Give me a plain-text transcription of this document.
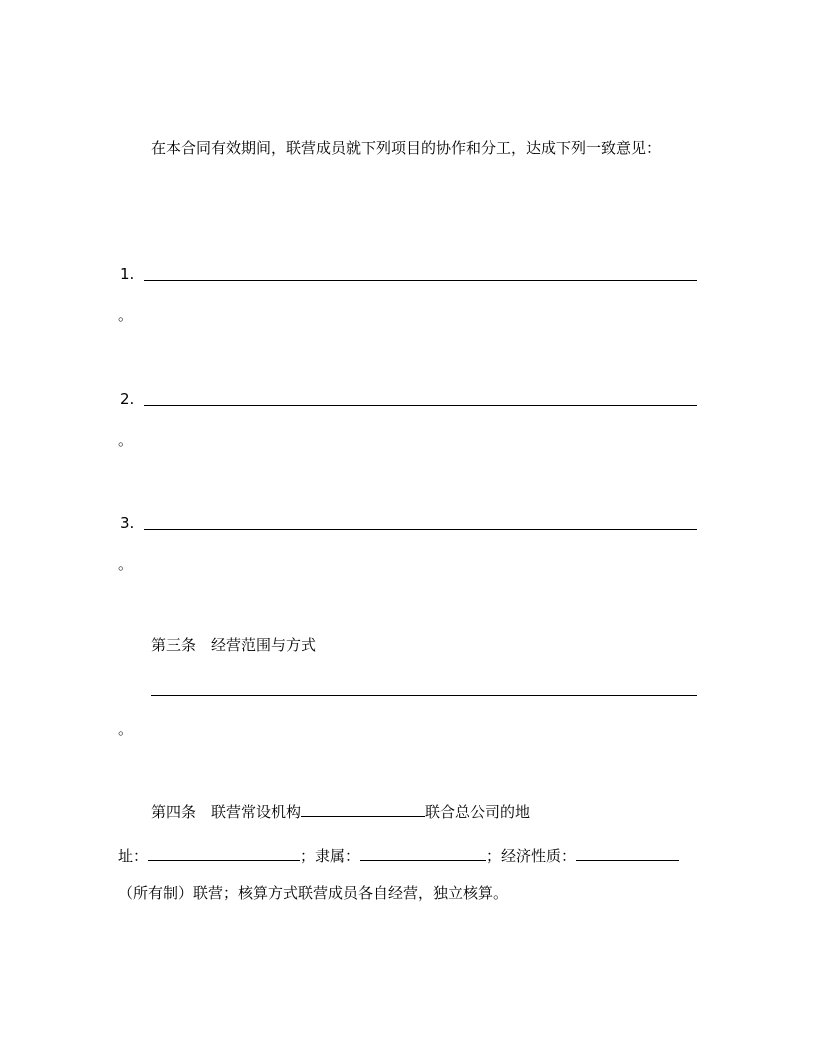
在本合同有效期间，联营成员就下列项目的协作和分工，达成下列一致意见：
1.
。
2.
。
3.
。
第三条　经营范围与方式
。
第四条　联营常设机构	联合总公司的地
址：	；隶属：	；经济性质：
（所有制）联营；核算方式联营成员各自经营，独立核算。
